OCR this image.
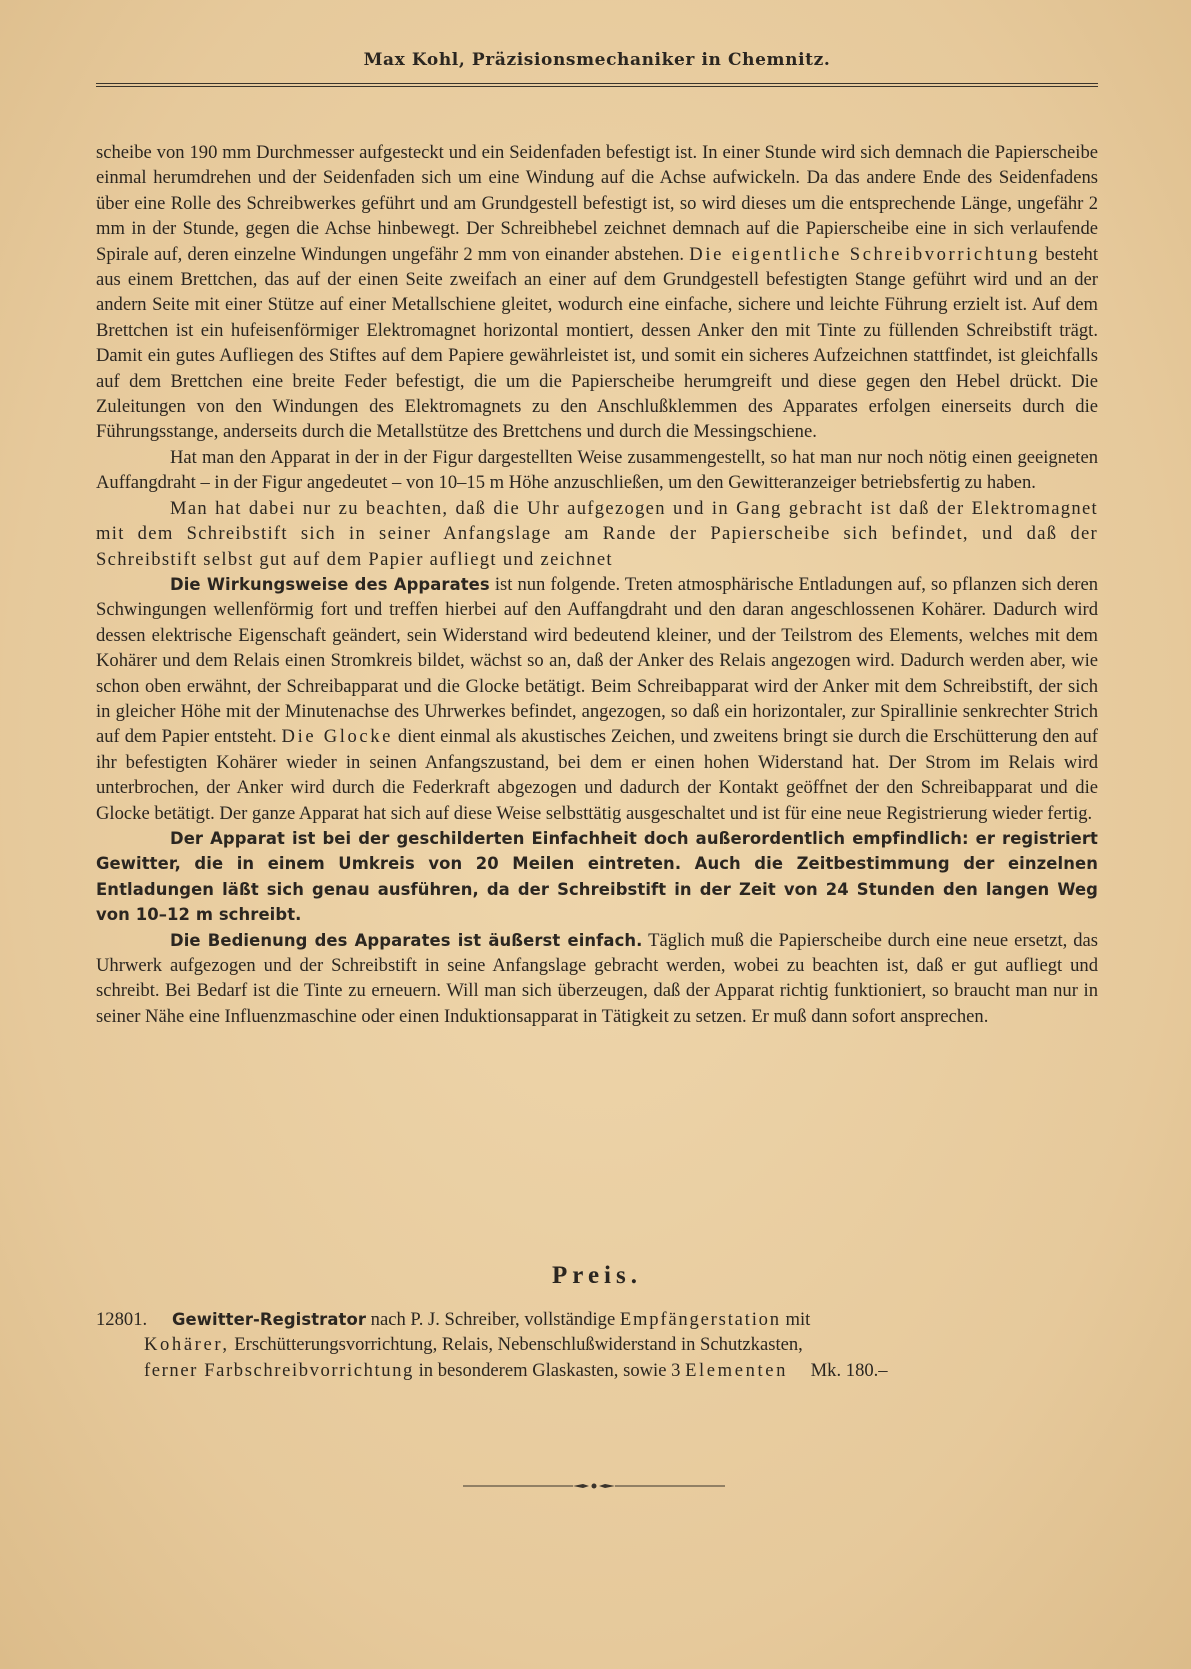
Max Kohl, Präzisionsmechaniker in Chemnitz.

scheibe von 190 mm Durchmesser aufgesteckt und ein Seidenfaden befestigt ist. In einer Stunde wird sich demnach die Papierscheibe einmal herumdrehen und der Seidenfaden sich um eine Windung auf die Achse aufwickeln. Da das andere Ende des Seidenfadens über eine Rolle des Schreibwerkes geführt und am Grundgestell befestigt ist, so wird dieses um die entsprechende Länge, ungefähr 2 mm in der Stunde, gegen die Achse hinbewegt. Der Schreibhebel zeichnet demnach auf die Papierscheibe eine in sich verlaufende Spirale auf, deren einzelne Windungen ungefähr 2 mm von einander abstehen. Die eigentliche Schreibvorrichtung besteht aus einem Brettchen, das auf der einen Seite zweifach an einer auf dem Grundgestell befestigten Stange geführt wird und an der andern Seite mit einer Stütze auf einer Metallschiene gleitet, wodurch eine einfache, sichere und leichte Führung erzielt ist. Auf dem Brettchen ist ein hufeisenförmiger Elektromagnet horizontal montiert, dessen Anker den mit Tinte zu füllenden Schreibstift trägt. Damit ein gutes Aufliegen des Stiftes auf dem Papiere gewährleistet ist, und somit ein sicheres Aufzeichnen stattfindet, ist gleichfalls auf dem Brettchen eine breite Feder befestigt, die um die Papierscheibe herumgreift und diese gegen den Hebel drückt. Die Zuleitungen von den Windungen des Elektromagnets zu den Anschlußklemmen des Apparates erfolgen einerseits durch die Führungsstange, anderseits durch die Metallstütze des Brettchens und durch die Messingschiene.

Hat man den Apparat in der in der Figur dargestellten Weise zusammengestellt, so hat man nur noch nötig einen geeigneten Auffangdraht – in der Figur angedeutet – von 10–15 m Höhe anzuschließen, um den Gewitteranzeiger betriebsfertig zu haben.

Man hat dabei nur zu beachten, daß die Uhr aufgezogen und in Gang gebracht ist daß der Elektromagnet mit dem Schreibstift sich in seiner Anfangslage am Rande der Papierscheibe sich befindet, und daß der Schreibstift selbst gut auf dem Papier aufliegt und zeichnet

Die Wirkungsweise des Apparates ist nun folgende. Treten atmosphärische Entladungen auf, so pflanzen sich deren Schwingungen wellenförmig fort und treffen hierbei auf den Auffangdraht und den daran angeschlossenen Kohärer. Dadurch wird dessen elektrische Eigenschaft geändert, sein Widerstand wird bedeutend kleiner, und der Teilstrom des Elements, welches mit dem Kohärer und dem Relais einen Stromkreis bildet, wächst so an, daß der Anker des Relais angezogen wird. Dadurch werden aber, wie schon oben erwähnt, der Schreibapparat und die Glocke betätigt. Beim Schreibapparat wird der Anker mit dem Schreibstift, der sich in gleicher Höhe mit der Minutenachse des Uhrwerkes befindet, angezogen, so daß ein horizontaler, zur Spirallinie senkrechter Strich auf dem Papier entsteht. Die Glocke dient einmal als akustisches Zeichen, und zweitens bringt sie durch die Erschütterung den auf ihr befestigten Kohärer wieder in seinen Anfangszustand, bei dem er einen hohen Widerstand hat. Der Strom im Relais wird unterbrochen, der Anker wird durch die Federkraft abgezogen und dadurch der Kontakt geöffnet der den Schreibapparat und die Glocke betätigt. Der ganze Apparat hat sich auf diese Weise selbsttätig ausgeschaltet und ist für eine neue Registrierung wieder fertig.

Der Apparat ist bei der geschilderten Einfachheit doch außerordentlich empfindlich: er registriert Gewitter, die in einem Umkreis von 20 Meilen eintreten. Auch die Zeitbestimmung der einzelnen Entladungen läßt sich genau ausführen, da der Schreibstift in der Zeit von 24 Stunden den langen Weg von 10–12 m schreibt.

Die Bedienung des Apparates ist äußerst einfach. Täglich muß die Papierscheibe durch eine neue ersetzt, das Uhrwerk aufgezogen und der Schreibstift in seine Anfangslage gebracht werden, wobei zu beachten ist, daß er gut aufliegt und schreibt. Bei Bedarf ist die Tinte zu erneuern. Will man sich überzeugen, daß der Apparat richtig funktioniert, so braucht man nur in seiner Nähe eine Influenzmaschine oder einen Induktionsapparat in Tätigkeit zu setzen. Er muß dann sofort ansprechen.

Preis.
12801.	Gewitter-Registrator nach P. J. Schreiber, vollständige Empfängerstation mit
Kohärer, Erschütterungsvorrichtung, Relais, Nebenschlußwiderstand in Schutzkasten,
ferner Farbschreibvorrichtung in besonderem Glaskasten, sowie 3 Elementen Mk. 180.–
